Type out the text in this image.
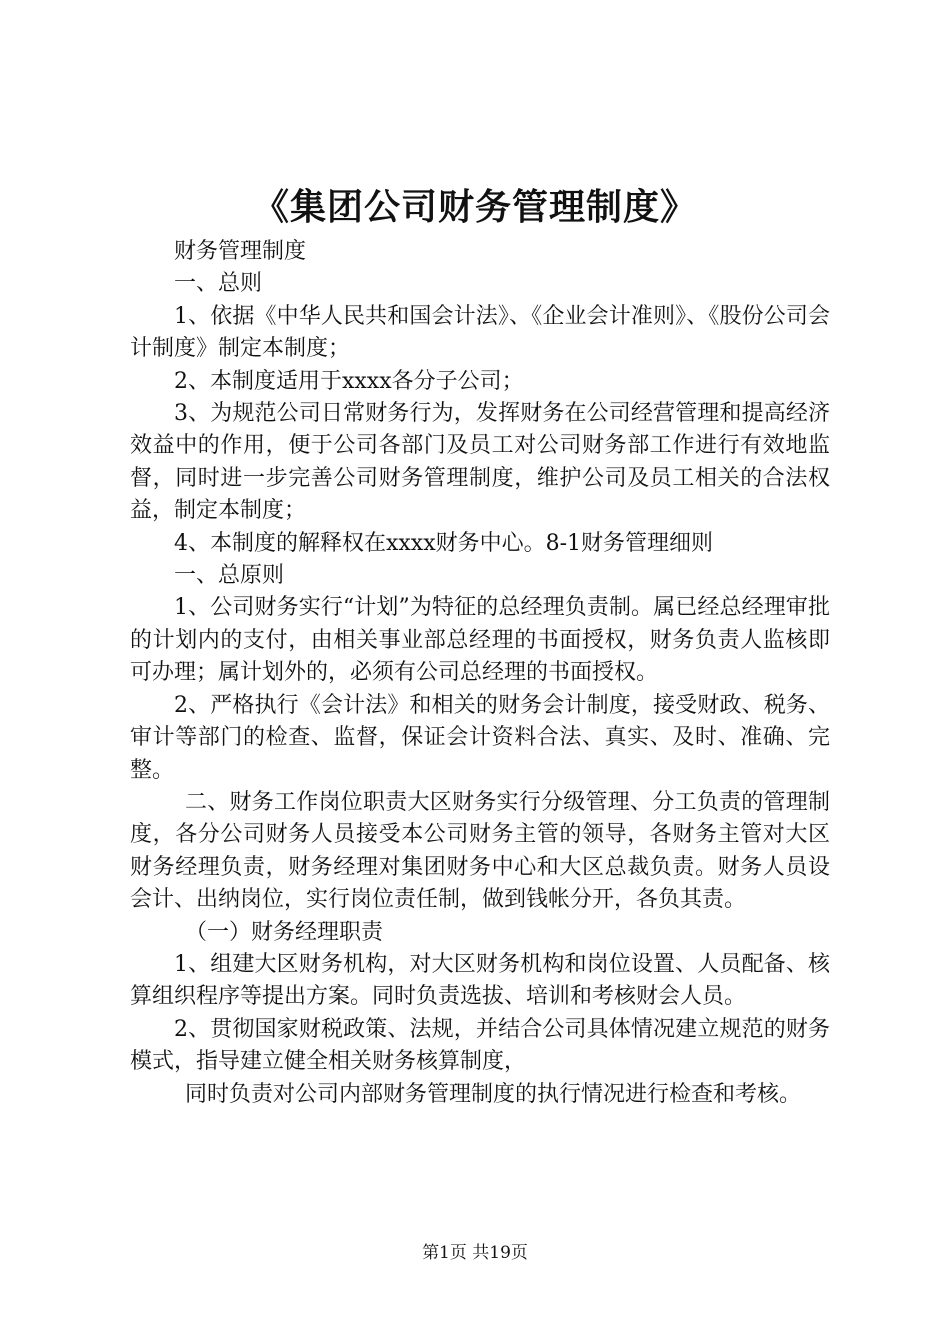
《集团公司财务管理制度》

财务管理制度

一、总则

1、依据《中华人民共和国会计法》、《企业会计准则》、《股份公司会计制度》制定本制度；

2、本制度适用于xxxx各分子公司；

3、为规范公司日常财务行为，发挥财务在公司经营管理和提高经济效益中的作用，便于公司各部门及员工对公司财务部工作进行有效地监督，同时进一步完善公司财务管理制度，维护公司及员工相关的合法权益，制定本制度；

4、本制度的解释权在xxxx财务中心。8-1财务管理细则

一、总原则

1、公司财务实行“计划”为特征的总经理负责制。属已经总经理审批的计划内的支付，由相关事业部总经理的书面授权，财务负责人监核即可办理；属计划外的，必须有公司总经理的书面授权。

2、严格执行《会计法》和相关的财务会计制度，接受财政、税务、审计等部门的检查、监督，保证会计资料合法、真实、及时、准确、完整。

二、财务工作岗位职责大区财务实行分级管理、分工负责的管理制度，各分公司财务人员接受本公司财务主管的领导，各财务主管对大区财务经理负责，财务经理对集团财务中心和大区总裁负责。财务人员设会计、出纳岗位，实行岗位责任制，做到钱帐分开，各负其责。

（一）财务经理职责

1、组建大区财务机构，对大区财务机构和岗位设置、人员配备、核算组织程序等提出方案。同时负责选拔、培训和考核财会人员。

2、贯彻国家财税政策、法规，并结合公司具体情况建立规范的财务模式，指导建立健全相关财务核算制度，

同时负责对公司内部财务管理制度的执行情况进行检查和考核。

第1页 共19页
